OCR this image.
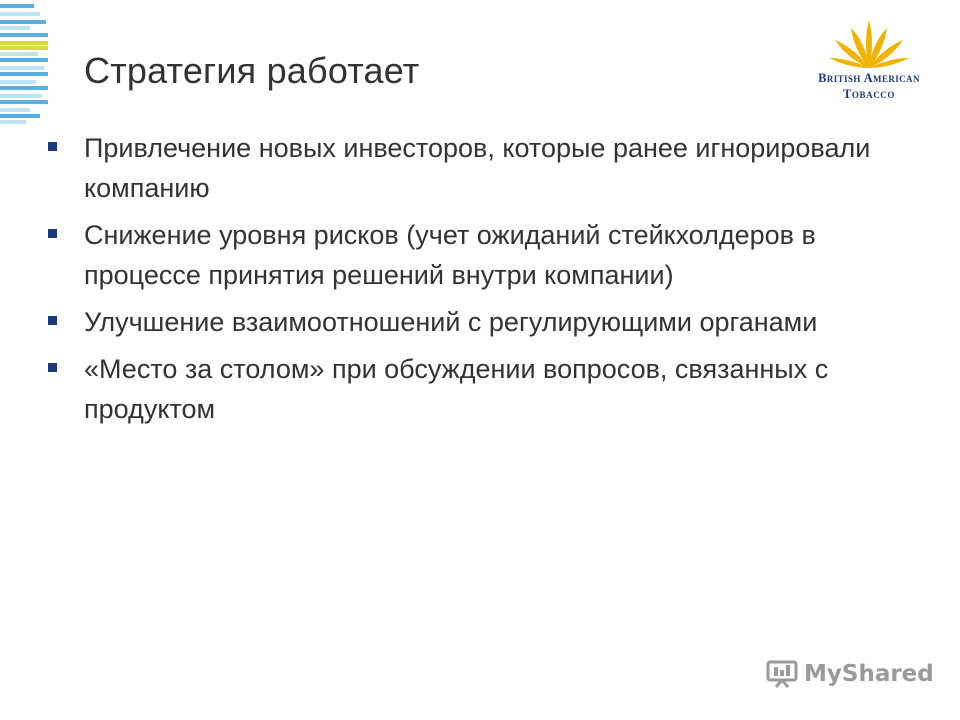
Стратегия работает	British American
Tobacco
Привлечение новых инвесторов, которые ранее игнорировали компанию
Снижение уровня рисков (учет ожиданий стейкхолдеров в процессе принятия решений внутри компании)
Улучшение взаимоотношений с регулирующими органами
«Место за столом» при обсуждении вопросов, связанных с продуктом
MyShared
